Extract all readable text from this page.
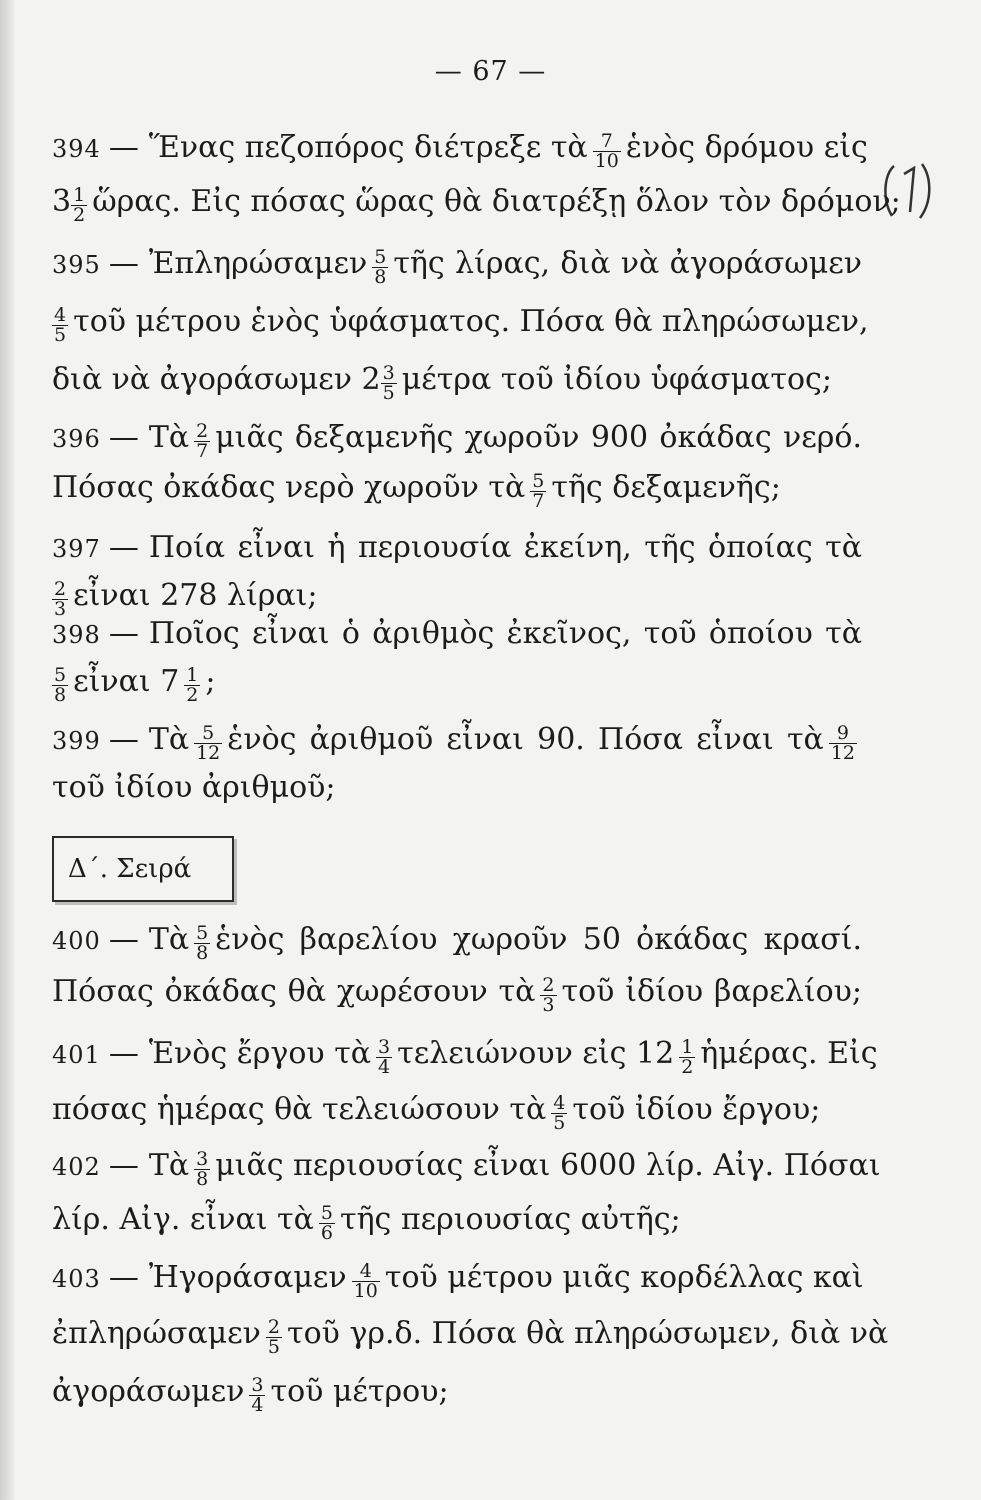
— 67 —
394 — Ἕνας πεζοπόρος διέτρεξε τὰ $\frac{7}{10}$ ἑνὸς δρόμου εἰς
$3 \frac{1}{2}$ ὥρας. Εἰς πόσας ὥρας θὰ διατρέξῃ ὅλον τὸν δρόμον;
395 — Ἐπληρώσαμεν $\frac{5}{8}$ τῆς λίρας, διὰ νὰ ἀγοράσωμεν
$\frac{4}{5}$ τοῦ μέτρου ἑνὸς ὑφάσματος. Πόσα θὰ πληρώσωμεν,
διὰ νὰ ἀγοράσωμεν $2 \frac{3}{5}$ μέτρα τοῦ ἰδίου ὑφάσματος;
396 — Τὰ $\frac{2}{7}$ μιᾶς δεξαμενῆς χωροῦν 900 ὀκάδας νερό.
Πόσας ὀκάδας νερὸ χωροῦν τὰ $\frac{5}{7}$ τῆς δεξαμενῆς;
397 — Ποία εἶναι ἡ περιουσία ἐκείνη, τῆς ὁποίας τὰ
$\frac{2}{3}$ εἶναι 278 λίραι;
398 — Ποῖος εἶναι ὁ ἀριθμὸς ἐκεῖνος, τοῦ ὁποίου τὰ
$\frac{5}{8}$ εἶναι $7 \frac{1}{2}$ ;
399 — Τὰ $\frac{5}{12}$ ἑνὸς ἀριθμοῦ εἶναι 90. Πόσα εἶναι τὰ $\frac{9}{12}$
τοῦ ἰδίου ἀριθμοῦ;
Δ΄. Σειρά
400 — Τὰ $\frac{5}{8}$ ἑνὸς βαρελίου χωροῦν 50 ὀκάδας κρασί.
Πόσας ὀκάδας θὰ χωρέσουν τὰ $\frac{2}{3}$ τοῦ ἰδίου βαρελίου;
401 — Ἑνὸς ἔργου τὰ $\frac{3}{4}$ τελειώνουν εἰς $12 \frac{1}{2}$ ἡμέρας. Εἰς
πόσας ἡμέρας θὰ τελειώσουν τὰ $\frac{4}{5}$ τοῦ ἰδίου ἔργου;
402 — Τὰ $\frac{3}{8}$ μιᾶς περιουσίας εἶναι 6000 λίρ. Αἰγ. Πόσαι
λίρ. Αἰγ. εἶναι τὰ $\frac{5}{6}$ τῆς περιουσίας αὐτῆς;
403 — Ἠγοράσαμεν $\frac{4}{10}$ τοῦ μέτρου μιᾶς κορδέλλας καὶ
ἐπληρώσαμεν $\frac{2}{5}$ τοῦ γρ.δ. Πόσα θὰ πληρώσωμεν, διὰ νὰ
ἀγοράσωμεν $\frac{3}{4}$ τοῦ μέτρου;
